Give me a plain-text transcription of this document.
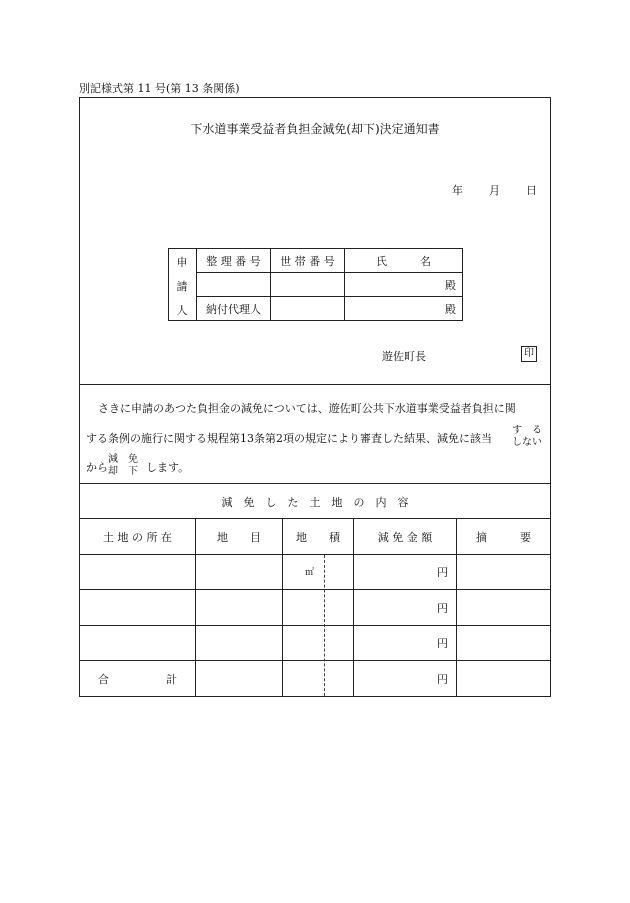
別記様式第 11 号(第 13 条関係)
下水道事業受益者負担金減免(却下)決定通知書
年 月 日
	整 理 番 号	世 帯 番 号	氏　　　名
			殿
	納付代理人		殿
申
請
人
遊佐町長	印
さきに申請のあつた負担金の減免については、遊佐町公共下水道事業受益者負担に関
する条例の施行に関する規程第13条第2項の規定により審査した結果、減免に該当
す　る
しない
から
減　免
却　下 します。
減　免　し　た　土　地　の　内　容
土 地 の 所 在	地　　目	地　　積	減 免 金 額	摘　　　要
		㎡	円	
			円	
			円	

合 計			円	
